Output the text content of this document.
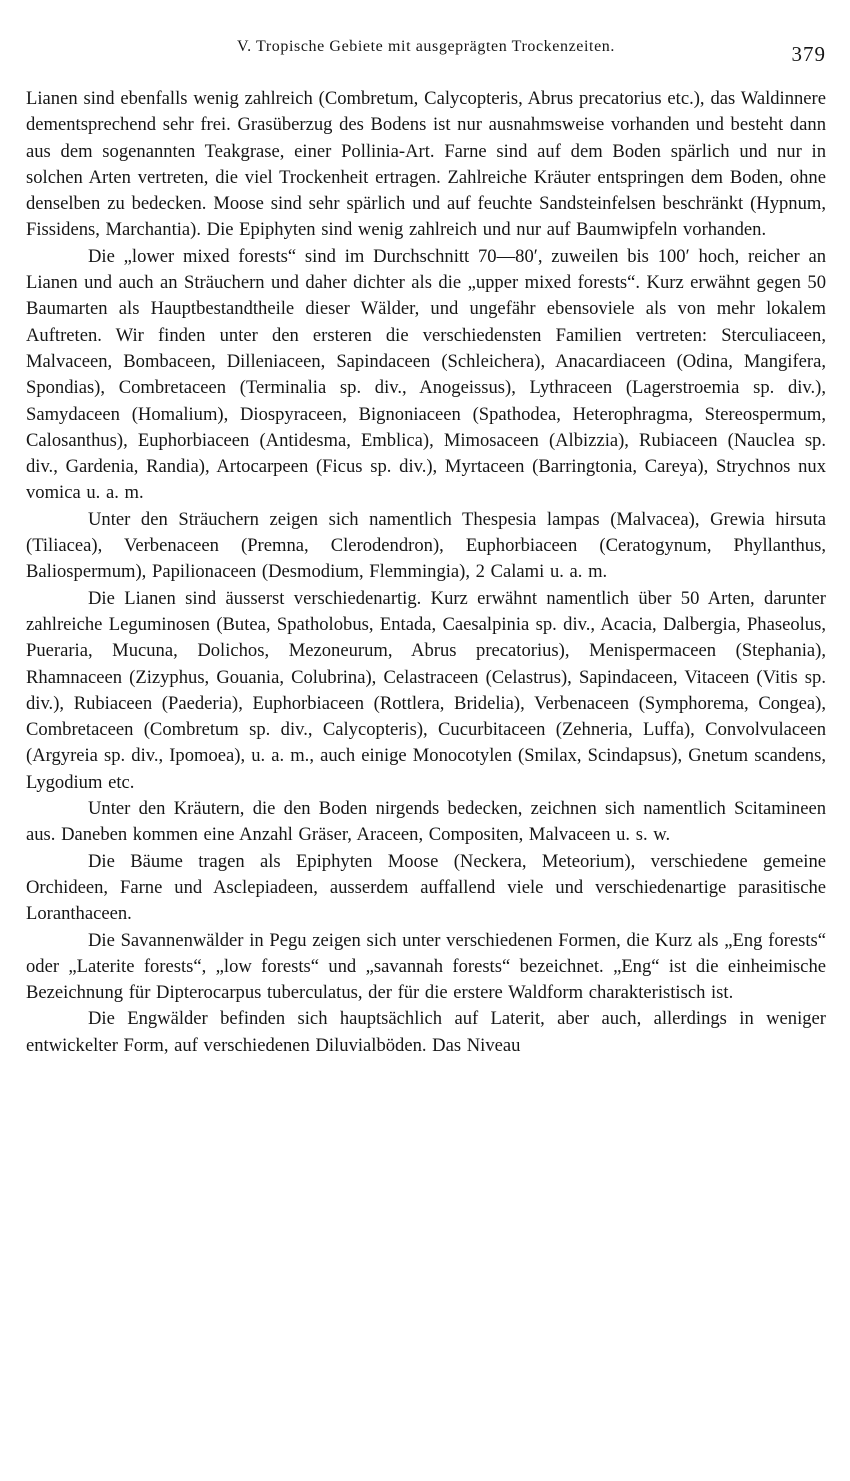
V. Tropische Gebiete mit ausgeprägten Trockenzeiten.	379

Lianen sind ebenfalls wenig zahlreich (Combretum, Calycopteris, Abrus precatorius etc.), das Waldinnere dementsprechend sehr frei. Grasüberzug des Bodens ist nur ausnahmsweise vorhanden und besteht dann aus dem sogenannten Teakgrase, einer Pollinia-Art. Farne sind auf dem Boden spärlich und nur in solchen Arten vertreten, die viel Trockenheit ertragen. Zahlreiche Kräuter entspringen dem Boden, ohne denselben zu bedecken. Moose sind sehr spärlich und auf feuchte Sandsteinfelsen beschränkt (Hypnum, Fissidens, Marchantia). Die Epiphyten sind wenig zahlreich und nur auf Baumwipfeln vorhanden.

Die „lower mixed forests“ sind im Durchschnitt 70—80′, zuweilen bis 100′ hoch, reicher an Lianen und auch an Sträuchern und daher dichter als die „upper mixed forests“. Kurz erwähnt gegen 50 Baumarten als Hauptbestandtheile dieser Wälder, und ungefähr ebensoviele als von mehr lokalem Auftreten. Wir finden unter den ersteren die verschiedensten Familien vertreten: Sterculiaceen, Malvaceen, Bombaceen, Dilleniaceen, Sapindaceen (Schleichera), Anacardiaceen (Odina, Mangifera, Spondias), Combretaceen (Terminalia sp. div., Anogeissus), Lythraceen (Lagerstroemia sp. div.), Samydaceen (Homalium), Diospyraceen, Bignoniaceen (Spathodea, Heterophragma, Stereospermum, Calosanthus), Euphorbiaceen (Antidesma, Emblica), Mimosaceen (Albizzia), Rubiaceen (Nauclea sp. div., Gardenia, Randia), Artocarpeen (Ficus sp. div.), Myrtaceen (Barringtonia, Careya), Strychnos nux vomica u. a. m.

Unter den Sträuchern zeigen sich namentlich Thespesia lampas (Malvacea), Grewia hirsuta (Tiliacea), Verbenaceen (Premna, Clerodendron), Euphorbiaceen (Ceratogynum, Phyllanthus, Baliospermum), Papilionaceen (Desmodium, Flemmingia), 2 Calami u. a. m.

Die Lianen sind äusserst verschiedenartig. Kurz erwähnt namentlich über 50 Arten, darunter zahlreiche Leguminosen (Butea, Spatholobus, Entada, Caesalpinia sp. div., Acacia, Dalbergia, Phaseolus, Pueraria, Mucuna, Dolichos, Mezoneurum, Abrus precatorius), Menispermaceen (Stephania), Rhamnaceen (Zizyphus, Gouania, Colubrina), Celastraceen (Celastrus), Sapindaceen, Vitaceen (Vitis sp. div.), Rubiaceen (Paederia), Euphorbiaceen (Rottlera, Bridelia), Verbenaceen (Symphorema, Congea), Combretaceen (Combretum sp. div., Calycopteris), Cucurbitaceen (Zehneria, Luffa), Convolvulaceen (Argyreia sp. div., Ipomoea), u. a. m., auch einige Monocotylen (Smilax, Scindapsus), Gnetum scandens, Lygodium etc.

Unter den Kräutern, die den Boden nirgends bedecken, zeichnen sich namentlich Scitamineen aus. Daneben kommen eine Anzahl Gräser, Araceen, Compositen, Malvaceen u. s. w.

Die Bäume tragen als Epiphyten Moose (Neckera, Meteorium), verschiedene gemeine Orchideen, Farne und Asclepiadeen, ausserdem auffallend viele und verschiedenartige parasitische Loranthaceen.

Die Savannenwälder in Pegu zeigen sich unter verschiedenen Formen, die Kurz als „Eng forests“ oder „Laterite forests“, „low forests“ und „savannah forests“ bezeichnet. „Eng“ ist die einheimische Bezeichnung für Dipterocarpus tuberculatus, der für die erstere Waldform charakteristisch ist.

Die Engwälder befinden sich hauptsächlich auf Laterit, aber auch, allerdings in weniger entwickelter Form, auf verschiedenen Diluvialböden. Das Niveau
